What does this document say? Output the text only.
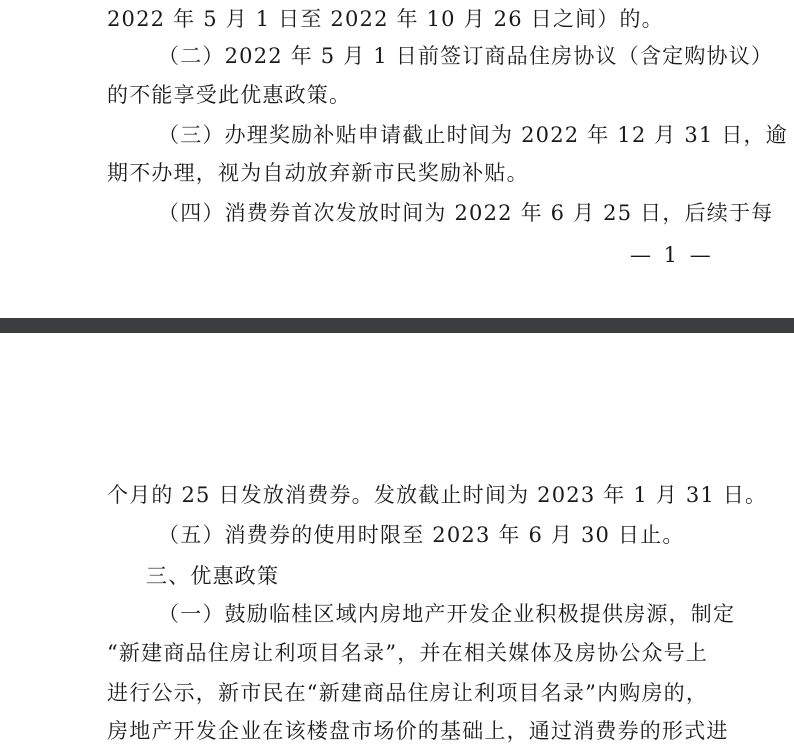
2022 年 5 月 1 日至 2022 年 10 月 26 日之间）的。
（二）2022 年 5 月 1 日前签订商品住房协议（含定购协议）
的不能享受此优惠政策。
（三）办理奖励补贴申请截止时间为 2022 年 12 月 31 日，逾
期不办理，视为自动放弃新市民奖励补贴。
（四）消费券首次发放时间为 2022 年 6 月 25 日，后续于每
— 1 —
个月的 25 日发放消费券。发放截止时间为 2023 年 1 月 31 日。
（五）消费券的使用时限至 2023 年 6 月 30 日止。
三、优惠政策
（一）鼓励临桂区域内房地产开发企业积极提供房源，制定
“新建商品住房让利项目名录”，并在相关媒体及房协公众号上
进行公示，新市民在“新建商品住房让利项目名录”内购房的，
房地产开发企业在该楼盘市场价的基础上，通过消费券的形式进
